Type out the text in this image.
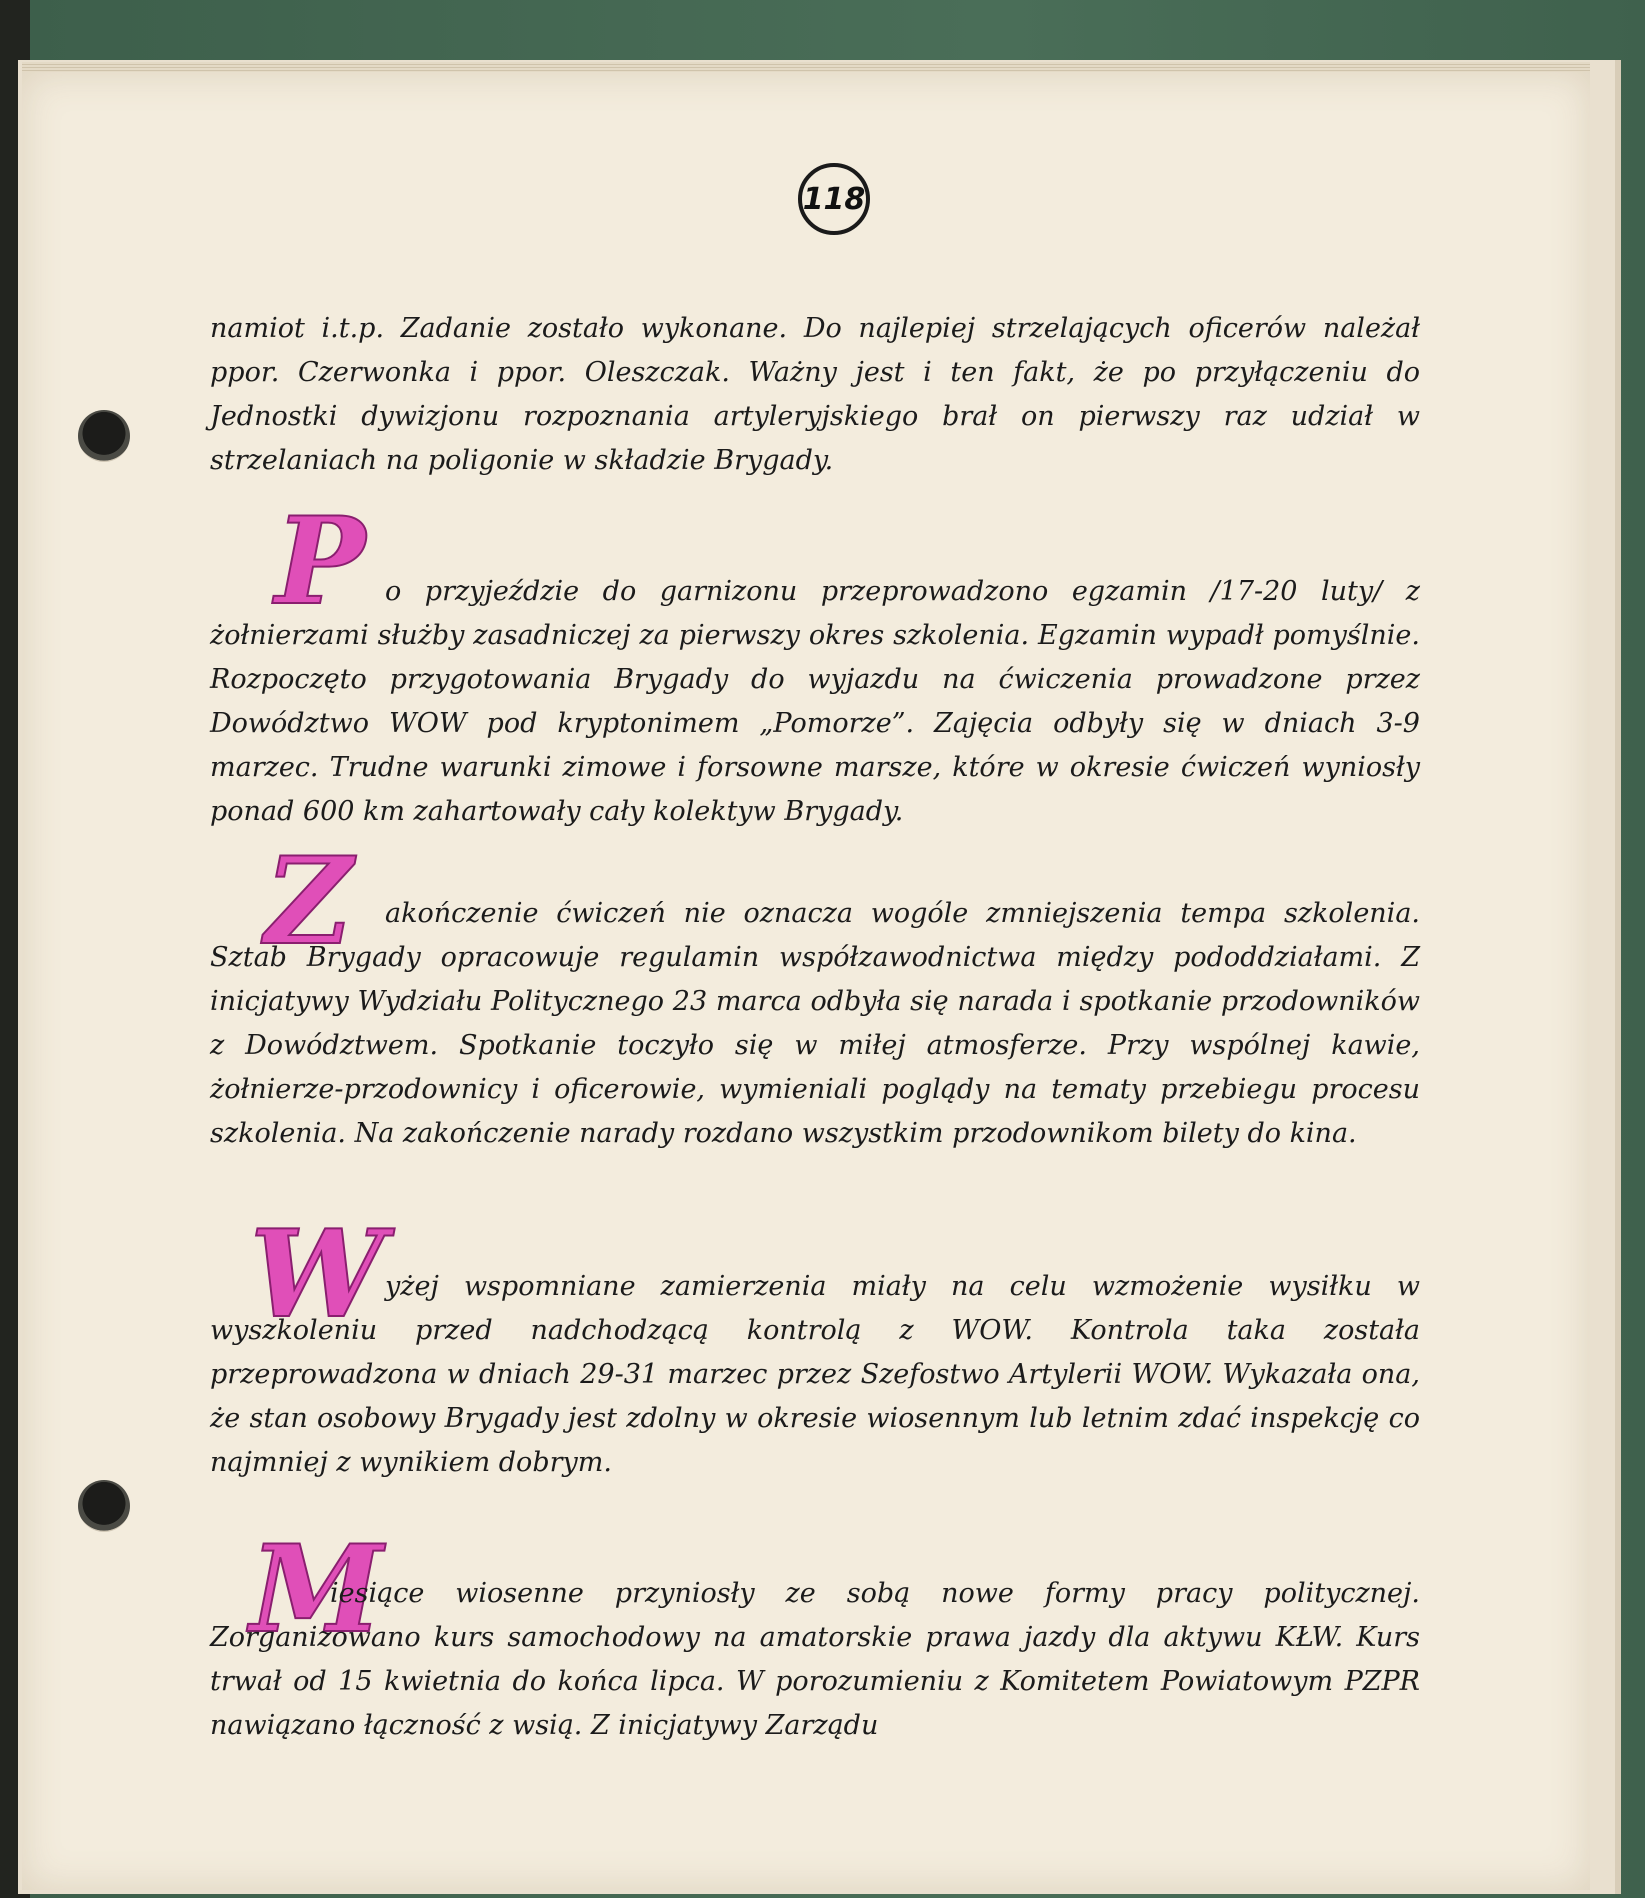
118
namiot i.t.p. Zadanie zostało wykonane. Do najlepiej strzelających oficerów należał ppor. Czerwonka i ppor. Oleszczak. Ważny jest i ten fakt, że po przyłączeniu do Jednostki dywizjonu rozpoznania artyleryjskiego brał on pierwszy raz udział w strzelaniach na poligonie w składzie Brygady.
P o przyjeździe do garnizonu przeprowadzono egzamin /17-20 luty/ z żołnierzami służby zasadniczej za pierwszy okres szkolenia. Egzamin wypadł pomyślnie. Rozpoczęto przygotowania Brygady do wyjazdu na ćwiczenia prowadzone przez Dowództwo WOW pod kryptonimem „Pomorze”. Zajęcia odbyły się w dniach 3-9 marzec. Trudne warunki zimowe i forsowne marsze, które w okresie ćwiczeń wyniosły ponad 600 km zahartowały cały kolektyw Brygady.
Z	akończenie ćwiczeń nie oznacza wogóle zmniejszenia tempa szkolenia. Sztab Brygady opracowuje regulamin współzawodnictwa między pododdziałami. Z inicjatywy Wydziału Politycznego 23 marca odbyła się narada i spotkanie przodowników z Dowództwem. Spotkanie toczyło się w miłej atmosferze. Przy wspólnej kawie, żołnierze-przodownicy i oficerowie, wymieniali poglądy na tematy przebiegu procesu szkolenia. Na zakończenie narady rozdano wszystkim przodownikom bilety do kina.
W yżej wspomniane zamierzenia miały na celu wzmożenie wysiłku w wyszkoleniu przed nadchodzącą kontrolą z WOW. Kontrola taka została przeprowadzona w dniach 29-31 marzec przez Szefostwo Artylerii WOW. Wykazała ona, że stan osobowy Brygady jest zdolny w okresie wiosennym lub letnim zdać inspekcję co najmniej z wynikiem dobrym.
M
iesiące wiosenne przyniosły ze sobą nowe formy pracy politycznej. Zorganizowano kurs samochodowy na amatorskie prawa jazdy dla aktywu KŁW. Kurs trwał od 15 kwietnia do końca lipca. W porozumieniu z Komitetem Powiatowym PZPR nawiązano łączność z wsią. Z inicjatywy Zarządu
